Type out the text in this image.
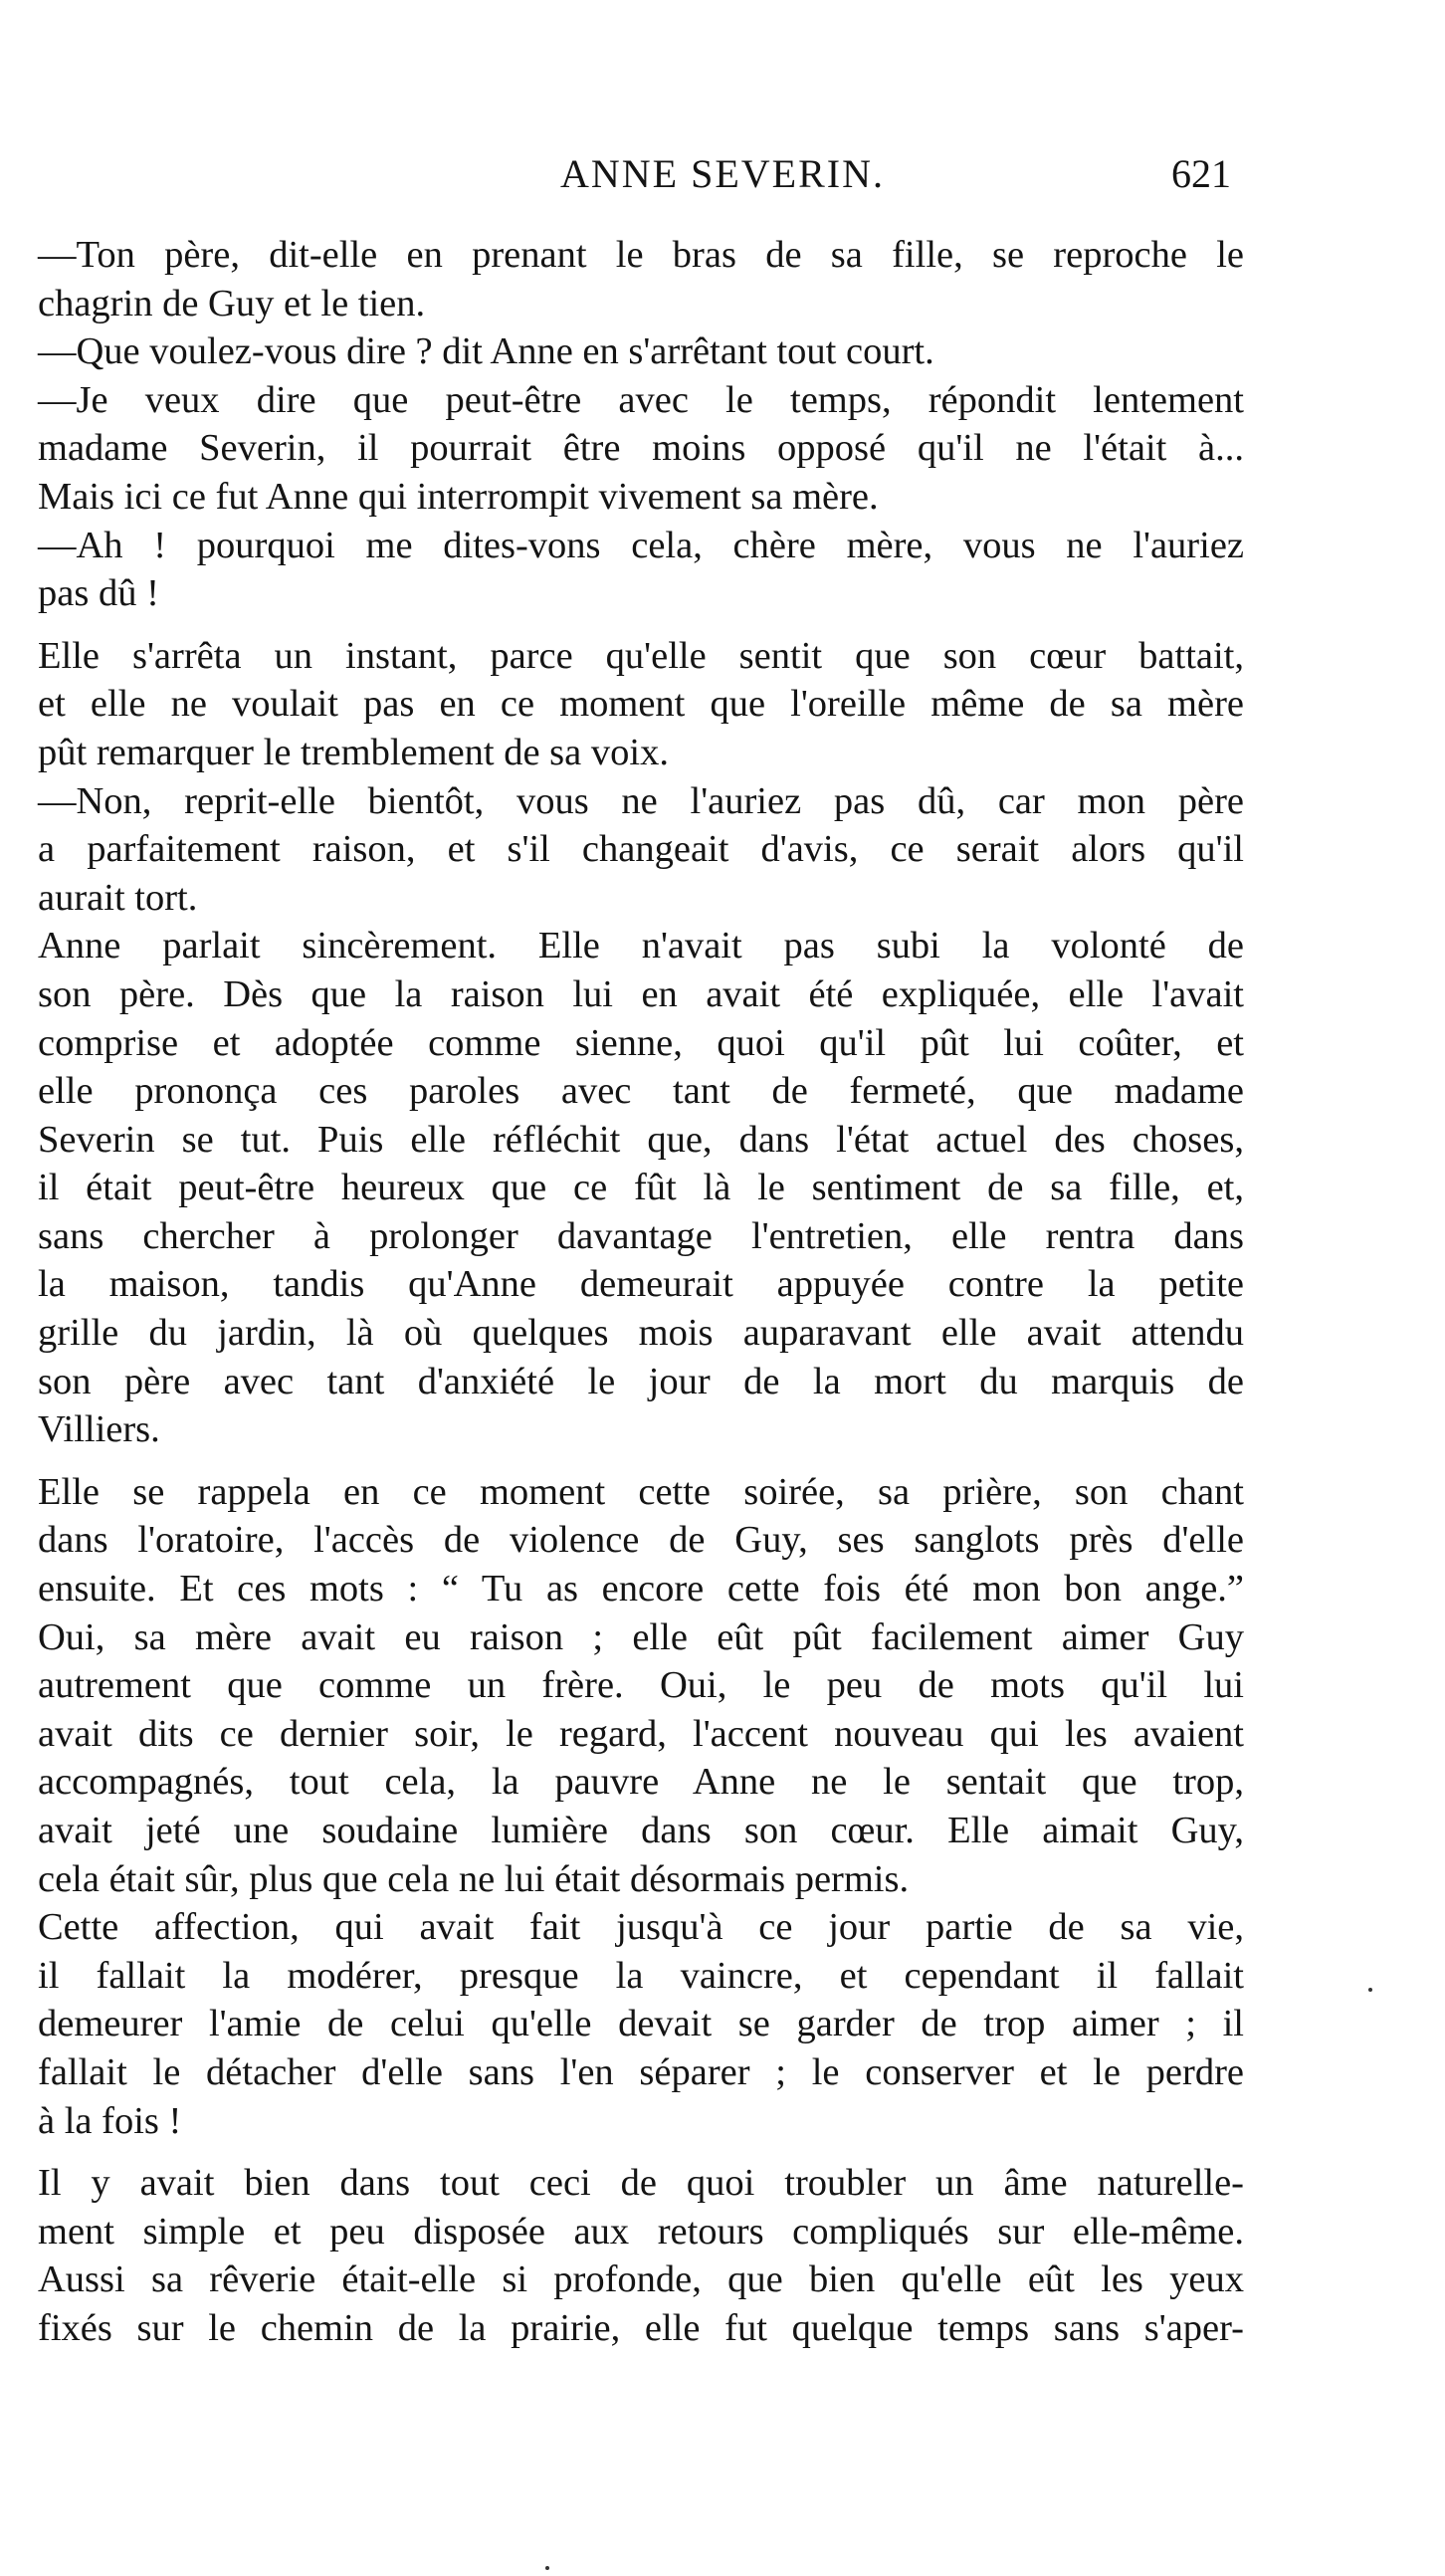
ANNE SEVERIN.	621
—Ton père, dit-elle en prenant le bras de sa fille, se reproche le
chagrin de Guy et le tien.
—Que voulez-vous dire ? dit Anne en s'arrêtant tout court.
—Je veux dire que peut-être avec le temps, répondit lentement
madame Severin, il pourrait être moins opposé qu'il ne l'était à...
Mais ici ce fut Anne qui interrompit vivement sa mère.
—Ah ! pourquoi me dites-vons cela, chère mère, vous ne l'auriez
pas dû !
Elle s'arrêta un instant, parce qu'elle sentit que son cœur battait,
et elle ne voulait pas en ce moment que l'oreille même de sa mère
pût remarquer le tremblement de sa voix.
—Non, reprit-elle bientôt, vous ne l'auriez pas dû, car mon père
a parfaitement raison, et s'il changeait d'avis, ce serait alors qu'il
aurait tort.
Anne parlait sincèrement. Elle n'avait pas subi la volonté de
son père. Dès que la raison lui en avait été expliquée, elle l'avait
comprise et adoptée comme sienne, quoi qu'il pût lui coûter, et
elle prononça ces paroles avec tant de fermeté, que madame
Severin se tut. Puis elle réfléchit que, dans l'état actuel des choses,
il était peut-être heureux que ce fût là le sentiment de sa fille, et,
sans chercher à prolonger davantage l'entretien, elle rentra dans
la maison, tandis qu'Anne demeurait appuyée contre la petite
grille du jardin, là où quelques mois auparavant elle avait attendu
son père avec tant d'anxiété le jour de la mort du marquis de
Villiers.
Elle se rappela en ce moment cette soirée, sa prière, son chant
dans l'oratoire, l'accès de violence de Guy, ses sanglots près d'elle
ensuite. Et ces mots : “ Tu as encore cette fois été mon bon ange.”
Oui, sa mère avait eu raison ; elle eût pût facilement aimer Guy
autrement que comme un frère. Oui, le peu de mots qu'il lui
avait dits ce dernier soir, le regard, l'accent nouveau qui les avaient
accompagnés, tout cela, la pauvre Anne ne le sentait que trop,
avait jeté une soudaine lumière dans son cœur. Elle aimait Guy,
cela était sûr, plus que cela ne lui était désormais permis.
Cette affection, qui avait fait jusqu'à ce jour partie de sa vie,
il fallait la modérer, presque la vaincre, et cependant il fallait
demeurer l'amie de celui qu'elle devait se garder de trop aimer ; il
fallait le détacher d'elle sans l'en séparer ; le conserver et le perdre
à la fois !
Il y avait bien dans tout ceci de quoi troubler un âme naturelle-
ment simple et peu disposée aux retours compliqués sur elle-même.
Aussi sa rêverie était-elle si profonde, que bien qu'elle eût les yeux
fixés sur le chemin de la prairie, elle fut quelque temps sans s'aper-
